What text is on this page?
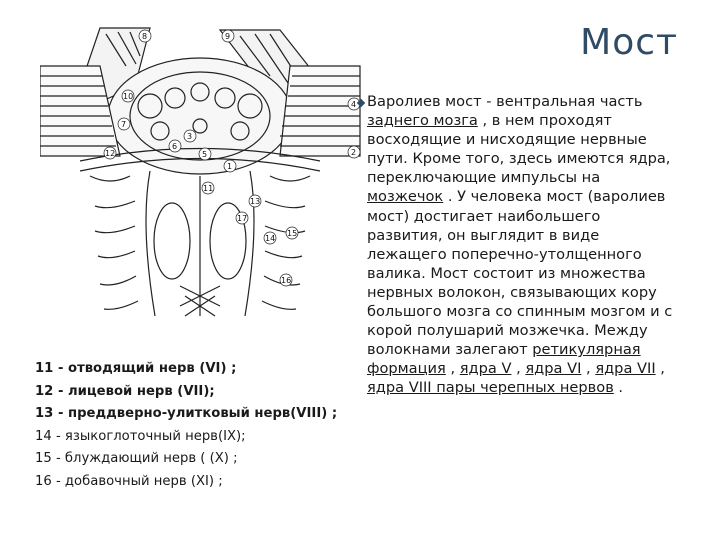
Мост
8	9
10
7
6
5
3
12
11
17
13
14
15
16
4
2
1
11 - отводящий нерв (VI) ;
12 - лицевой нерв (VII);
13 - преддверно-улитковый нерв(VIII) ;
14 - языкоглоточный нерв(IX);
15 - блуждающий нерв ( (X) ;
16 - добавочный нерв (XI) ;
Варолиев мост - вентральная часть заднего мозга , в нем проходят восходящие и нисходящие нервные пути. Кроме того, здесь имеются ядра, переключающие импульсы на мозжечок . У человека мост (варолиев мост) достигает наибольшего развития, он выглядит в виде лежащего поперечно-утолщенного валика. Мост состоит из множества нервных волокон, связывающих кору большого мозга со спинным мозгом и с корой полушарий мозжечка. Между волокнами залегают ретикулярная формация , ядра V , ядра VI , ядра VII , ядра VIII пары черепных нервов .
